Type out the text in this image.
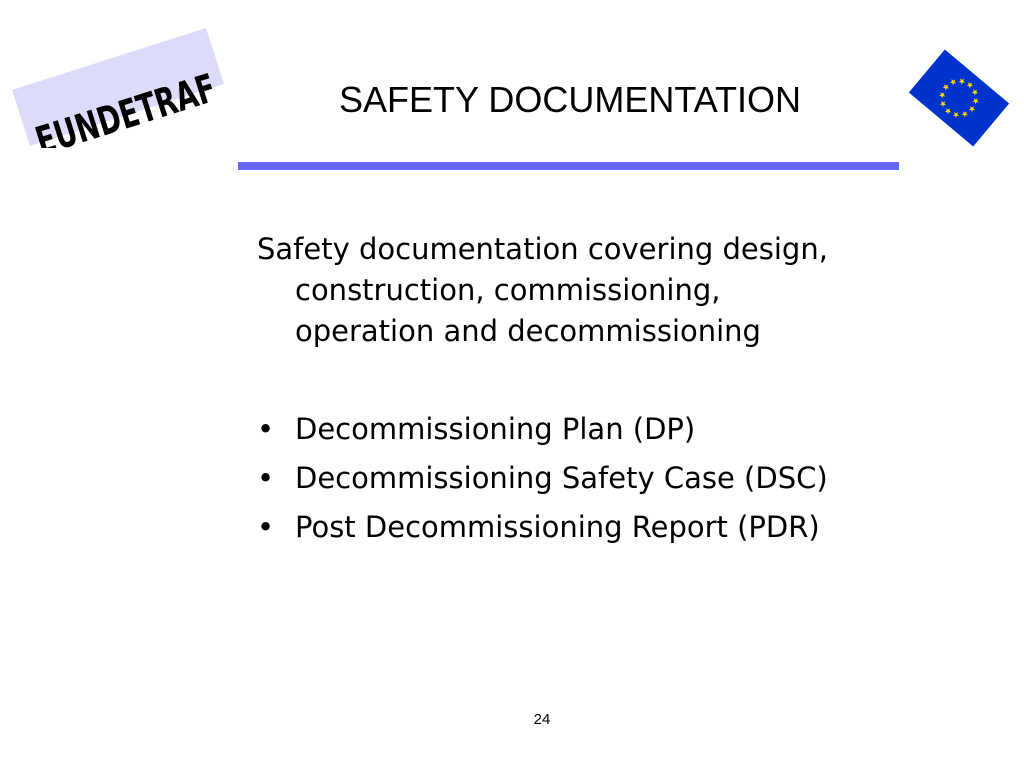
EUNDETRAF	SAFETY DOCUMENTATION
Safety documentation covering design,
construction, commissioning,
operation and decommissioning
• Decommissioning Plan (DP)
• Decommissioning Safety Case (DSC)
• Post Decommissioning Report (PDR)
24
